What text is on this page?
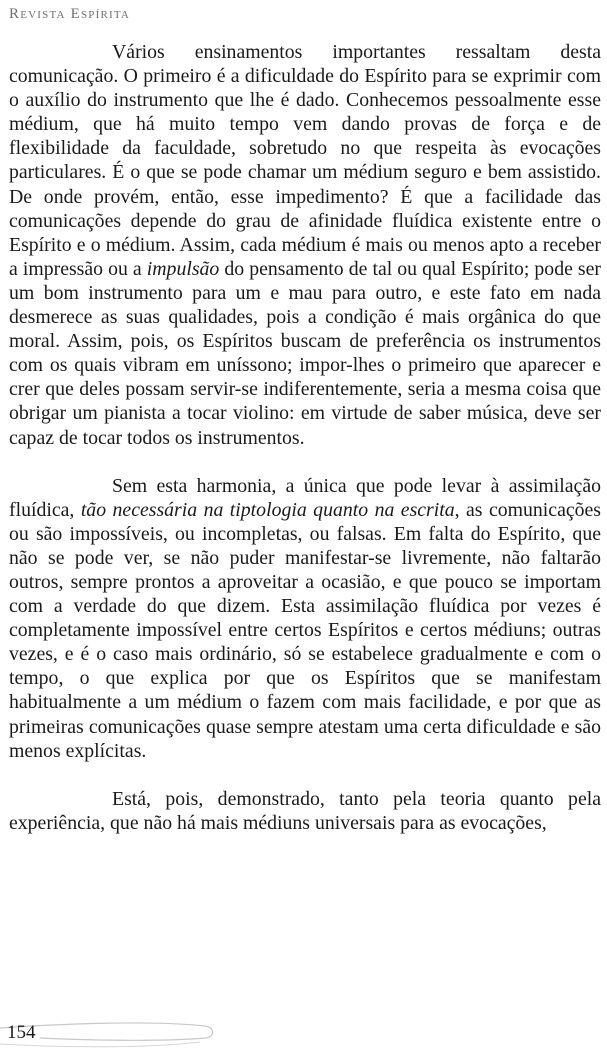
Revista Espírita

Vários ensinamentos importantes ressaltam desta comunicação. O primeiro é a dificuldade do Espírito para se exprimir com o auxílio do instrumento que lhe é dado. Conhecemos pessoalmente esse médium, que há muito tempo vem dando provas de força e de flexibilidade da faculdade, sobretudo no que respeita às evocações particulares. É o que se pode chamar um médium seguro e bem assistido. De onde provém, então, esse impedimento? É que a facilidade das comunicações depende do grau de afinidade fluídica existente entre o Espírito e o médium. Assim, cada médium é mais ou menos apto a receber a impressão ou a impulsão do pensamento de tal ou qual Espírito; pode ser um bom instrumento para um e mau para outro, e este fato em nada desmerece as suas qualidades, pois a condição é mais orgânica do que moral. Assim, pois, os Espíritos buscam de preferência os instrumentos com os quais vibram em uníssono; impor-lhes o primeiro que aparecer e crer que deles possam servir-se indiferentemente, seria a mesma coisa que obrigar um pianista a tocar violino: em virtude de saber música, deve ser capaz de tocar todos os instrumentos.

Sem esta harmonia, a única que pode levar à assimilação fluídica, tão necessária na tiptologia quanto na escrita, as comunicações ou são impossíveis, ou incompletas, ou falsas. Em falta do Espírito, que não se pode ver, se não puder manifestar-se livremente, não faltarão outros, sempre prontos a aproveitar a ocasião, e que pouco se importam com a verdade do que dizem. Esta assimilação fluídica por vezes é completamente impossível entre certos Espíritos e certos médiuns; outras vezes, e é o caso mais ordinário, só se estabelece gradualmente e com o tempo, o que explica por que os Espíritos que se manifestam habitualmente a um médium o fazem com mais facilidade, e por que as primeiras comunicações quase sempre atestam uma certa dificuldade e são menos explícitas.

Está, pois, demonstrado, tanto pela teoria quanto pela experiência, que não há mais médiuns universais para as evocações,

154
